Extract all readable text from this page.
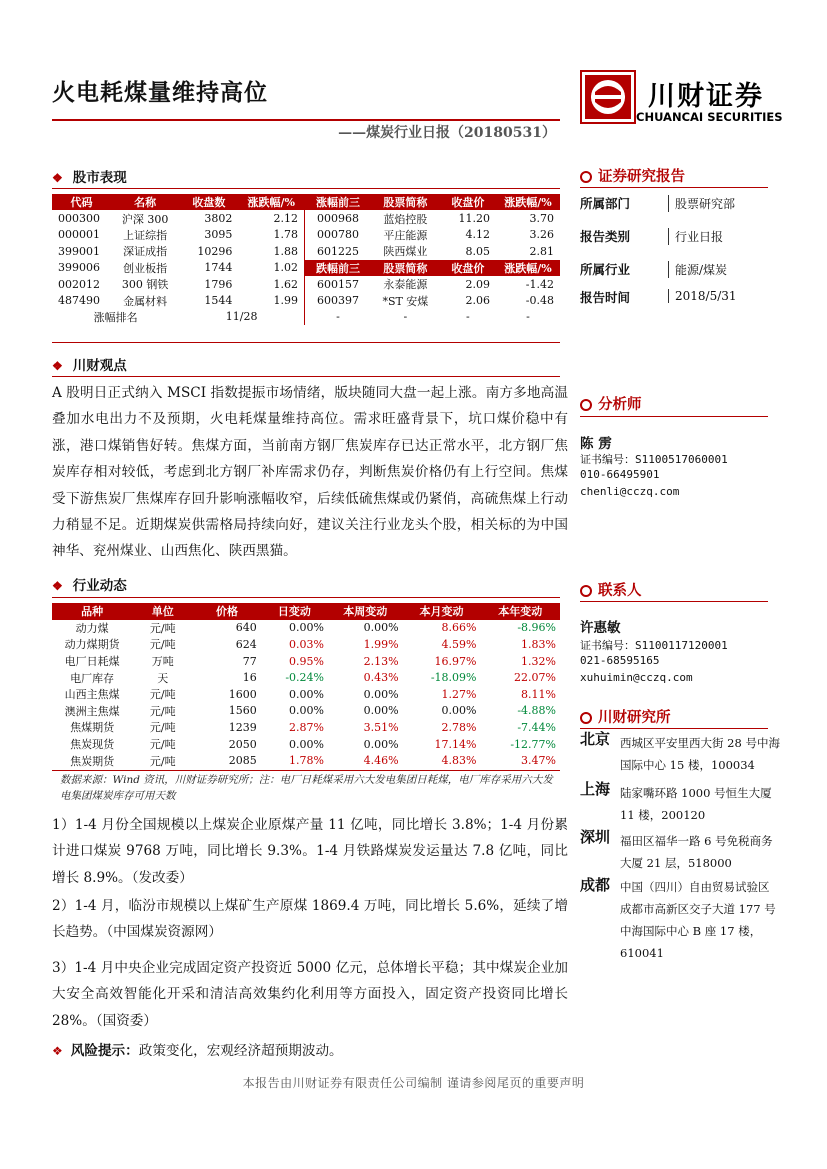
火电耗煤量维持高位
——煤炭行业日报（20180531）
川财证券
CHUANCAI SECURITIES
❖ 股市表现
代码	名称	收盘数	涨跌幅/%	涨幅前三	股票简称	收盘价	涨跌幅/%
000300	沪深 300	3802	2.12	000968	蓝焰控股	11.20	3.70
000001	上证综指	3095	1.78	000780	平庄能源	4.12	3.26
399001	深证成指	10296	1.88	601225	陕西煤业	8.05	2.81
399006	创业板指	1744	1.02	跌幅前三	股票简称	收盘价	涨跌幅/%
002012	300 钢铁	1796	1.62	600157	永泰能源	2.09	-1.42
487490	金属材料	1544	1.99	600397	*ST 安煤	2.06	-0.48
涨幅排名		11/28		-	-	-	-
❖ 川财观点
A 股明日正式纳入 MSCI 指数提振市场情绪，版块随同大盘一起上涨。南方多地高温叠加水电出力不及预期，火电耗煤量维持高位。需求旺盛背景下，坑口煤价稳中有涨，港口煤销售好转。焦煤方面，当前南方钢厂焦炭库存已达正常水平，北方钢厂焦炭库存相对较低，考虑到北方钢厂补库需求仍存，判断焦炭价格仍有上行空间。焦煤受下游焦炭厂焦煤库存回升影响涨幅收窄，后续低硫焦煤或仍紧俏，高硫焦煤上行动力稍显不足。近期煤炭供需格局持续向好，建议关注行业龙头个股，相关标的为中国神华、兖州煤业、山西焦化、陕西黑猫。
❖ 行业动态
品种	单位	价格	日变动	本周变动	本月变动	本年变动
动力煤	元/吨	640	0.00%	0.00%	8.66%	-8.96%
动力煤期货	元/吨	624	0.03%	1.99%	4.59%	1.83%
电厂日耗煤	万吨	77	0.95%	2.13%	16.97%	1.32%
电厂库存	天	16	-0.24%	0.43%	-18.09%	22.07%
山西主焦煤	元/吨	1600	0.00%	0.00%	1.27%	8.11%
澳洲主焦煤	元/吨	1560	0.00%	0.00%	0.00%	-4.88%
焦煤期货	元/吨	1239	2.87%	3.51%	2.78%	-7.44%
焦炭现货	元/吨	2050	0.00%	0.00%	17.14%	-12.77%
焦炭期货	元/吨	2085	1.78%	4.46%	4.83%	3.47%
数据来源：Wind 资讯，川财证券研究所；注：电厂日耗煤采用六大发电集团日耗煤，电厂库存采用六大发电集团煤炭库存可用天数
1）1-4 月份全国规模以上煤炭企业原煤产量 11 亿吨，同比增长 3.8%；1-4 月份累计进口煤炭 9768 万吨，同比增长 9.3%。1-4 月铁路煤炭发运量达 7.8 亿吨，同比增长 8.9%。（发改委）
2）1-4 月，临汾市规模以上煤矿生产原煤 1869.4 万吨，同比增长 5.6%，延续了增长趋势。（中国煤炭资源网）
3）1-4 月中央企业完成固定资产投资近 5000 亿元，总体增长平稳；其中煤炭企业加大安全高效智能化开采和清洁高效集约化利用等方面投入，固定资产投资同比增长 28%。（国资委）
❖ 风险提示：政策变化，宏观经济超预期波动。
证券研究报告
所属部门	股票研究部
报告类别	行业日报
所属行业	能源/煤炭
报告时间	2018/5/31
分析师
陈 雳
证书编号：S1100517060001
010-66495901
chenli@cczq.com
联系人
许惠敏
证书编号：S1100117120001
021-68595165
xuhuimin@cczq.com
川财研究所
北京 西城区平安里西大街 28 号中海国际中心 15 楼，100034
上海 陆家嘴环路 1000 号恒生大厦 11 楼，200120
深圳 福田区福华一路 6 号免税商务大厦 21 层，518000
成都 中国（四川）自由贸易试验区成都市高新区交子大道 177 号中海国际中心 B 座 17 楼，610041
本报告由川财证券有限责任公司编制 谨请参阅尾页的重要声明
